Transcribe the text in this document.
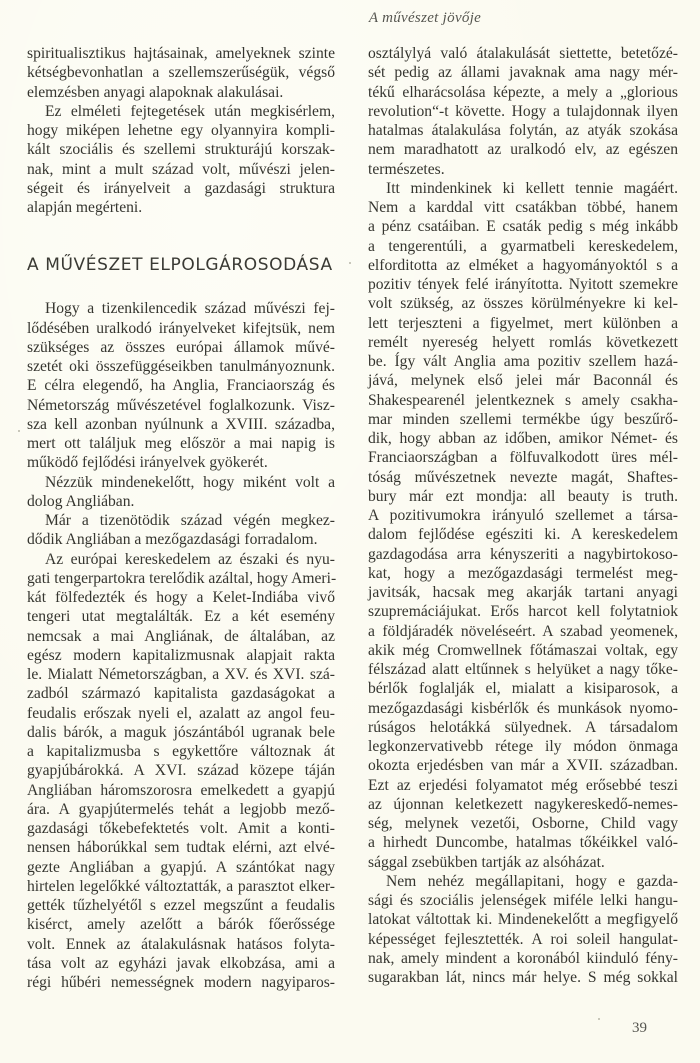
A művészet jövője
spiritualisztikus hajtásainak, amelyeknek szinte
kétségbevonhatlan a szellemszerűségük, végső
elemzésben anyagi alapoknak alakulásai.
Ez elméleti fejtegetések után megkisérlem,
hogy miképen lehetne egy olyannyira kompli-
kált szociális és szellemi strukturájú korszak-
nak, mint a mult század volt, művészi jelen-
ségeit és irányelveit a gazdasági struktura
alapján megérteni.
A MŰVÉSZET ELPOLGÁROSODÁSA
Hogy a tizenkilencedik század művészi fej-
lődésében uralkodó irányelveket kifejtsük, nem
szükséges az összes európai államok művé-
szetét oki összefüggéseikben tanulmányoznunk.
E célra elegendő, ha Anglia, Franciaország és
Németország művészetével foglalkozunk. Visz-
sza kell azonban nyúlnunk a XVIII. századba,
mert ott találjuk meg először a mai napig is
működő fejlődési irányelvek gyökerét.
Nézzük mindenekelőtt, hogy miként volt a
dolog Angliában.
Már a tizenötödik század végén megkez-
dődik Angliában a mezőgazdasági forradalom.
Az európai kereskedelem az északi és nyu-
gati tengerpartokra terelődik azáltal, hogy Ameri-
kát fölfedezték és hogy a Kelet-Indiába vivő
tengeri utat megtalálták. Ez a két esemény
nemcsak a mai Angliának, de általában, az
egész modern kapitalizmusnak alapjait rakta
le. Mialatt Németországban, a XV. és XVI. szá-
zadból származó kapitalista gazdaságokat a
feudalis erőszak nyeli el, azalatt az angol feu-
dalis bárók, a maguk jószántából ugranak bele
a kapitalizmusba s egykettőre változnak át
gyapjúbárokká. A XVI. század közepe táján
Angliában háromszorosra emelkedett a gyapjú
ára. A gyapjútermelés tehát a legjobb mező-
gazdasági tőkebefektetés volt. Amit a konti-
nensen háborúkkal sem tudtak elérni, azt elvé-
gezte Angliában a gyapjú. A szántókat nagy
hirtelen legelőkké változtatták, a parasztot elker-
gették tűzhelyétől s ezzel megszűnt a feudalis
kisérct, amely azelőtt a bárók főerőssége
volt. Ennek az átalakulásnak hatásos folyta-
tása volt az egyházi javak elkobzása, ami a
régi hűbéri nemességnek modern nagyiparos-
osztálylyá való átalakulását siettette, betetőzé-
sét pedig az állami javaknak ama nagy mér-
tékű elharácsolása képezte, a mely a „glorious
revolution“-t követte. Hogy a tulajdonnak ilyen
hatalmas átalakulása folytán, az atyák szokása
nem maradhatott az uralkodó elv, az egészen
természetes.
Itt mindenkinek ki kellett tennie magáért.
Nem a karddal vitt csatákban többé, hanem
a pénz csatáiban. E csaták pedig s még inkább
a tengerentúli, a gyarmatbeli kereskedelem,
elforditotta az elméket a hagyományoktól s a
pozitiv tények felé irányította. Nyitott szemekre
volt szükség, az összes körülményekre ki kel-
lett terjeszteni a figyelmet, mert különben a
remélt nyereség helyett romlás következett
be. Így vált Anglia ama pozitiv szellem hazá-
jává, melynek első jelei már Baconnál és
Shakespearenél jelentkeznek s amely csakha-
mar minden szellemi termékbe úgy beszűrő-
dik, hogy abban az időben, amikor Német- és
Franciaországban a fölfuvalkodott üres mél-
tóság művészetnek nevezte magát, Shaftes-
bury már ezt mondja: all beauty is truth.
A pozitivumokra irányuló szellemet a társa-
dalom fejlődése egésziti ki. A kereskedelem
gazdagodása arra kényszeriti a nagybirtokoso-
kat, hogy a mezőgazdasági termelést meg-
javitsák, hacsak meg akarják tartani anyagi
szupremáciájukat. Erős harcot kell folytatniok
a földjáradék növeléseért. A szabad yeomenek,
akik még Cromwellnek főtámaszai voltak, egy
félszázad alatt eltűnnek s helyüket a nagy tőke-
bérlők foglalják el, mialatt a kisiparosok, a
mezőgazdasági kisbérlők és munkások nyomo-
rúságos helotákká sülyednek. A társadalom
legkonzervativebb rétege ily módon önmaga
okozta erjedésben van már a XVII. században.
Ezt az erjedési folyamatot még erősebbé teszi
az újonnan keletkezett nagykereskedő-nemes-
ség, melynek vezetői, Osborne, Child vagy
a hirhedt Duncombe, hatalmas tőkéikkel való-
sággal zsebükben tartják az alsóházat.
Nem nehéz megállapitani, hogy e gazda-
sági és szociális jelenségek miféle lelki hangu-
latokat váltottak ki. Mindenekelőtt a megfigyelő
képességet fejlesztették. A roi soleil hangulat-
nak, amely mindent a koronából kiinduló fény-
sugarakban lát, nincs már helye. S még sokkal
39
